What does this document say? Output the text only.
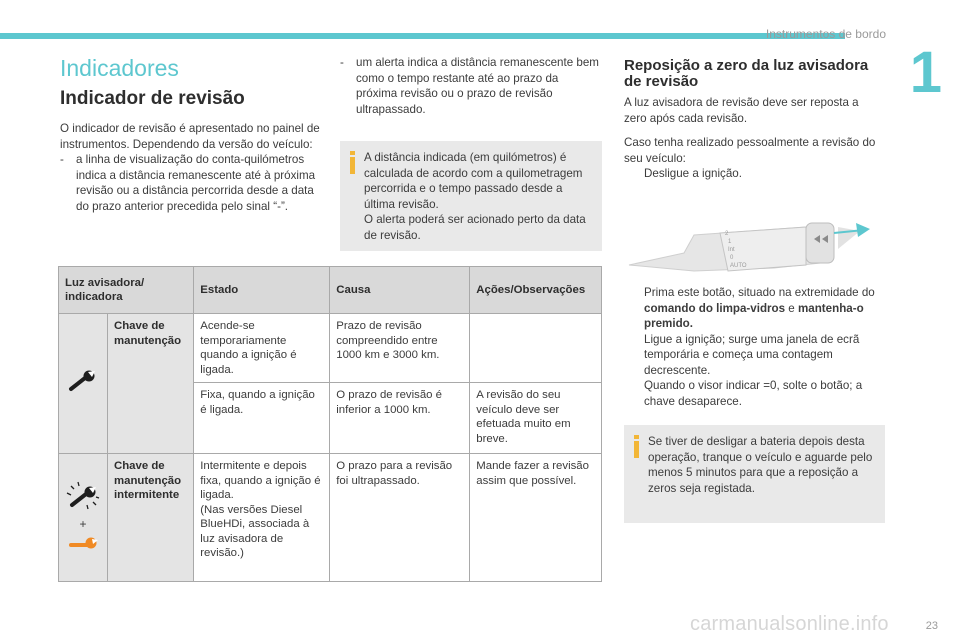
Instrumentos de bordo
1
Indicadores
Indicador de revisão

O indicador de revisão é apresentado no painel de instrumentos. Dependendo da versão do veículo:

- a linha de visualização do conta-quilómetros indica a distância remanescente até à próxima revisão ou a distância percorrida desde a data do prazo anterior precedida pelo sinal “-”.
- um alerta indica a distância remanescente bem como o tempo restante até ao prazo da próxima revisão ou o prazo de revisão ultrapassado.

A distância indicada (em quilómetros) é calculada de acordo com a quilometragem percorrida e o tempo passado desde a última revisão.

O alerta poderá ser acionado perto da data de revisão.

Luz avisadora/ indicadora		Estado	Causa	Ações/Observações
	Chave de manutenção	Acende-se temporariamente quando a ignição é ligada.	Prazo de revisão compreendido entre 1000 km e 3000 km.	
		Fixa, quando a ignição é ligada.	O prazo de revisão é inferior a 1000 km.	A revisão do seu veículo deve ser efetuada muito em breve.

+	Chave de manutenção intermitente	Intermitente e depois fixa, quando a ignição é ligada.
(Nas versões Diesel BlueHDi, associada à luz avisadora de revisão.)	O prazo para a revisão foi ultrapassado.	Mande fazer a revisão assim que possível.
Reposição a zero da luz avisadora de revisão

A luz avisadora de revisão deve ser reposta a zero após cada revisão.

Caso tenha realizado pessoalmente a revisão do seu veículo:

Desligue a ignição.
2
1
Int
0
AUTO
Prima este botão, situado na extremidade do comando do limpa-vidros e mantenha-o premido.
Ligue a ignição; surge uma janela de ecrã temporária e começa uma contagem decrescente.
Quando o visor indicar =0, solte o botão; a chave desaparece.

Se tiver de desligar a bateria depois desta operação, tranque o veículo e aguarde pelo menos 5 minutos para que a reposição a zeros seja registada.

23
carmanualsonline.info
